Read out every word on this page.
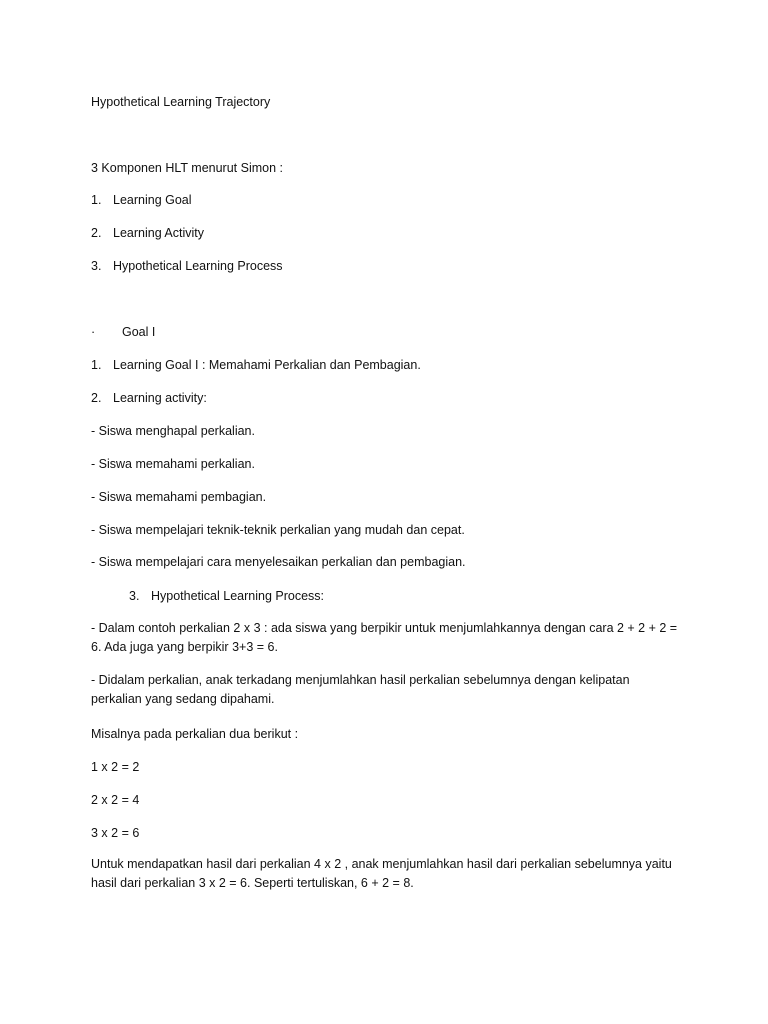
Hypothetical Learning Trajectory
3 Komponen HLT menurut Simon :
1. Learning Goal
2. Learning Activity
3. Hypothetical Learning Process
· Goal I
1. Learning Goal I : Memahami Perkalian dan Pembagian.
2. Learning activity:
- Siswa menghapal perkalian.
- Siswa memahami perkalian.
- Siswa memahami pembagian.
- Siswa mempelajari teknik-teknik perkalian yang mudah dan cepat.
- Siswa mempelajari cara menyelesaikan perkalian dan pembagian.
3. Hypothetical Learning Process:
- Dalam contoh perkalian 2 x 3 : ada siswa yang berpikir untuk menjumlahkannya dengan cara 2 + 2 + 2 = 6. Ada juga yang berpikir 3+3 = 6.
- Didalam perkalian, anak terkadang menjumlahkan hasil perkalian sebelumnya dengan kelipatan perkalian yang sedang dipahami.
Misalnya pada perkalian dua berikut :
1 x 2 = 2
2 x 2 = 4
3 x 2 = 6
Untuk mendapatkan hasil dari perkalian 4 x 2 , anak menjumlahkan hasil dari perkalian sebelumnya yaitu hasil dari perkalian 3 x 2 = 6. Seperti tertuliskan, 6 + 2 = 8.
